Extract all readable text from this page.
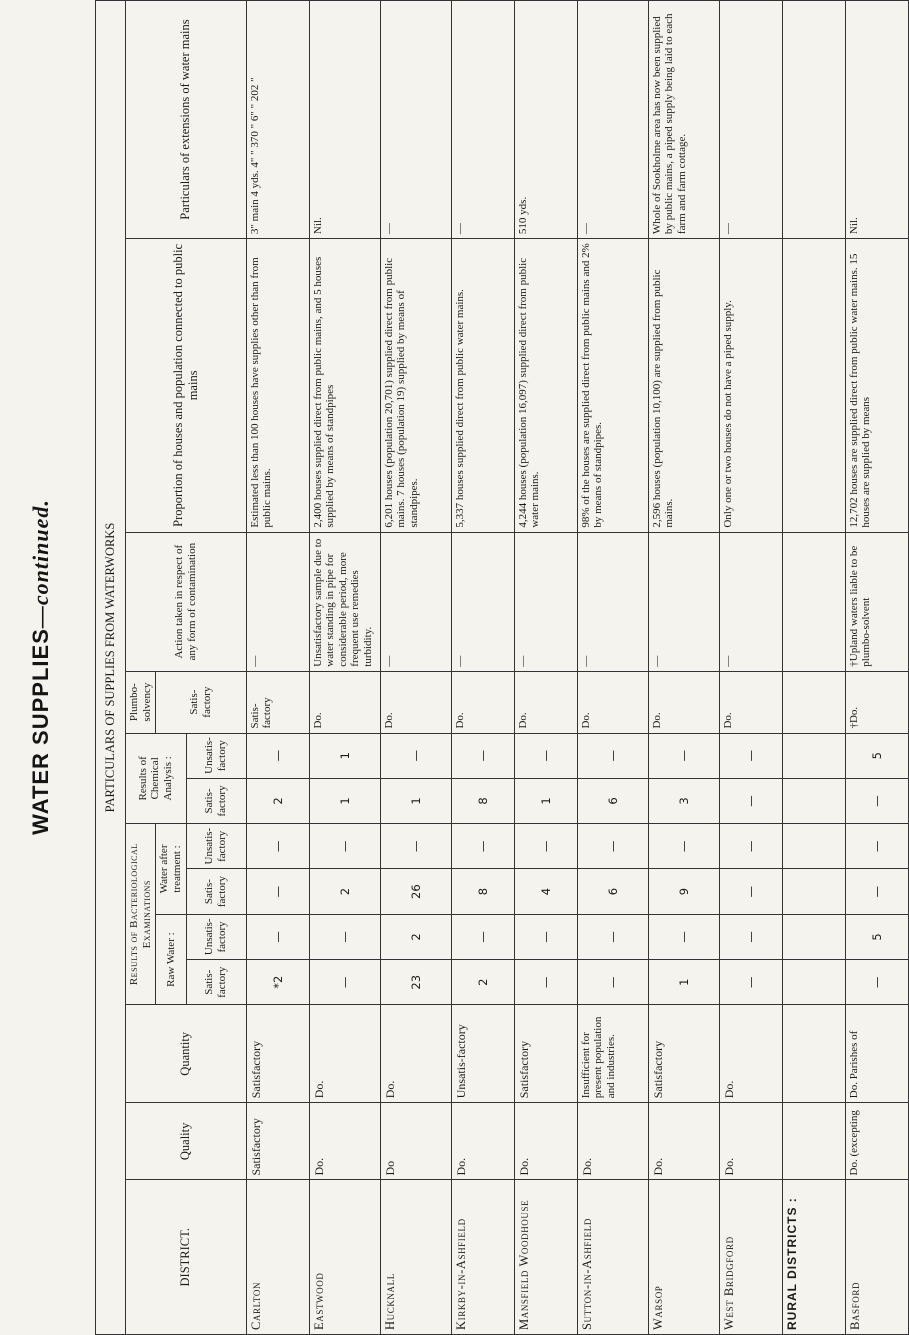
WATER SUPPLIES—continued.	PARTICULARS OF SUPPLIES FROM WATERWORKS												
DISTRICT.	Quality	Quantity	Results of Bacteriological Examinations				Results of Chemical Analysis :		Plumbo-solvency	Action taken in respect of any form of contamination	Proportion of houses and population connected to public mains	Particulars of extensions of water mains
			Raw Water :		Water after treatment :				Satis-factory			
			Satis-factory	Unsatis-factory	Satis-factory	Unsatis-factory	Satis-factory	Unsatis-factory				
Carlton	Satisfactory	Satisfactory	*2	—	—	—	2	—	Satis-factory	—	Estimated less than 100 houses have supplies other than from public mains.	3" main 4 yds. 4" " 370 " 6" " 202 "
Eastwood	Do.	Do.	—	—	2	—	1	1	Do.	Unsatisfactory sample due to water standing in pipe for considerable period, more frequent use remedies turbidity.	2,400 houses supplied direct from public mains, and 5 houses supplied by means of standpipes	Nil.
Hucknall	Do	Do.	23	2	26	—	1	—	Do.	—	6,201 houses (population 20,701) supplied direct from public mains. 7 houses (population 19) supplied by means of standpipes.	—
Kirkby-in-Ashfield	Do.	Unsatis-factory	2	—	8	—	8	—	Do.	—	5,337 houses supplied direct from public water mains.	—
Mansfield Woodhouse	Do.	Satisfactory	—	—	4	—	1	—	Do.	—	4,244 houses (population 16,097) supplied direct from public water mains.	510 yds.
Sutton-in-Ashfield	Do.	Insufficient for present population and industries.	—	—	6	—	6	—	Do.	—	98% of the houses are supplied direct from public mains and 2% by means of standpipes.	—
Warsop	Do.	Satisfactory	1	—	9	—	3	—	Do.	—	2,596 houses (population 10,100) are supplied from public mains.	Whole of Sookholme area has now been supplied by public mains, a piped supply being laid to each farm and farm cottage.
West Bridgford	Do.	Do.	—	—	—	—	—	—	Do.	—	Only one or two houses do not have a piped supply.	—
RURAL DISTRICTS :												
Basford	Do. (excepting	Do. Parishes of	—	5	—	—	—	5	†Do.	†Upland waters liable to be plumbo-solvent	12,702 houses are supplied direct from public water mains. 15 houses are supplied by means	Nil.
